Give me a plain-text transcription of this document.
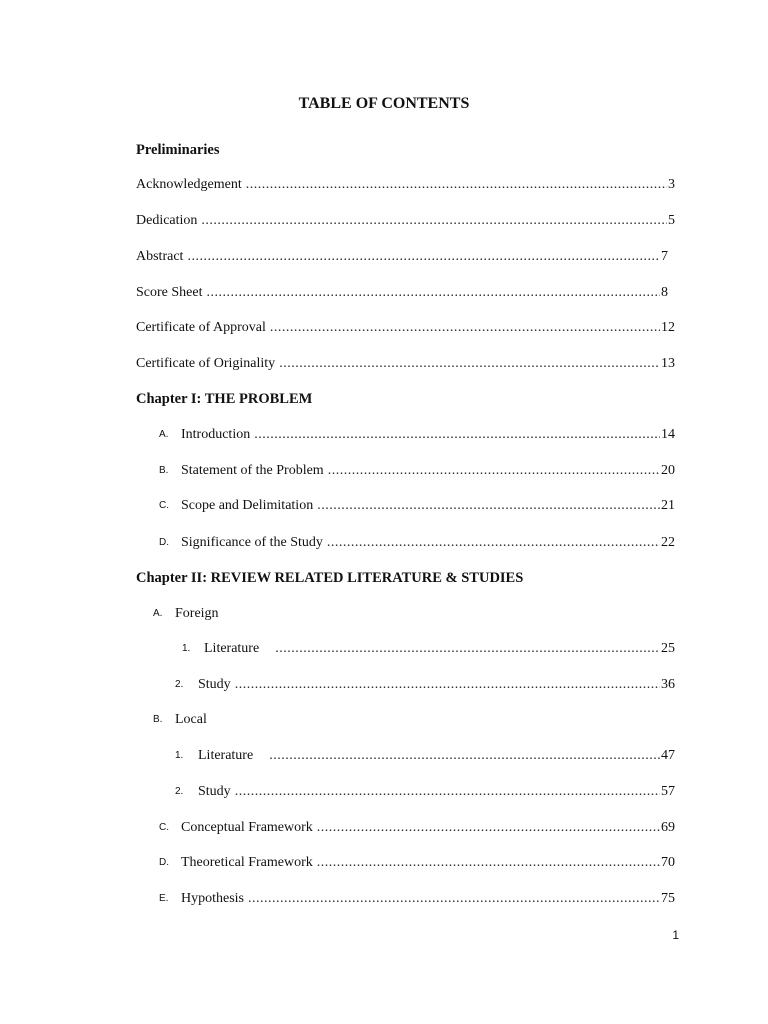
TABLE OF CONTENTS
Preliminaries
Acknowledgement .....	3
Dedication .....	5
Abstract .....	7
Score Sheet .....	8
Certificate of Approval .....	12
Certificate of Originality .....	13
Chapter I: THE PROBLEM
A. Introduction .....	14
B. Statement of the Problem .....	20
C. Scope and Delimitation .....	21
D. Significance of the Study .....	22
Chapter II: REVIEW RELATED LITERATURE & STUDIES
A. Foreign
1. Literature .....	25
2.	Study .....	36
B. Local
1.	Literature .....	47
2.	Study .....	57
C. Conceptual Framework .....	69
D. Theoretical Framework .....	70
E. Hypothesis .....	75
1
